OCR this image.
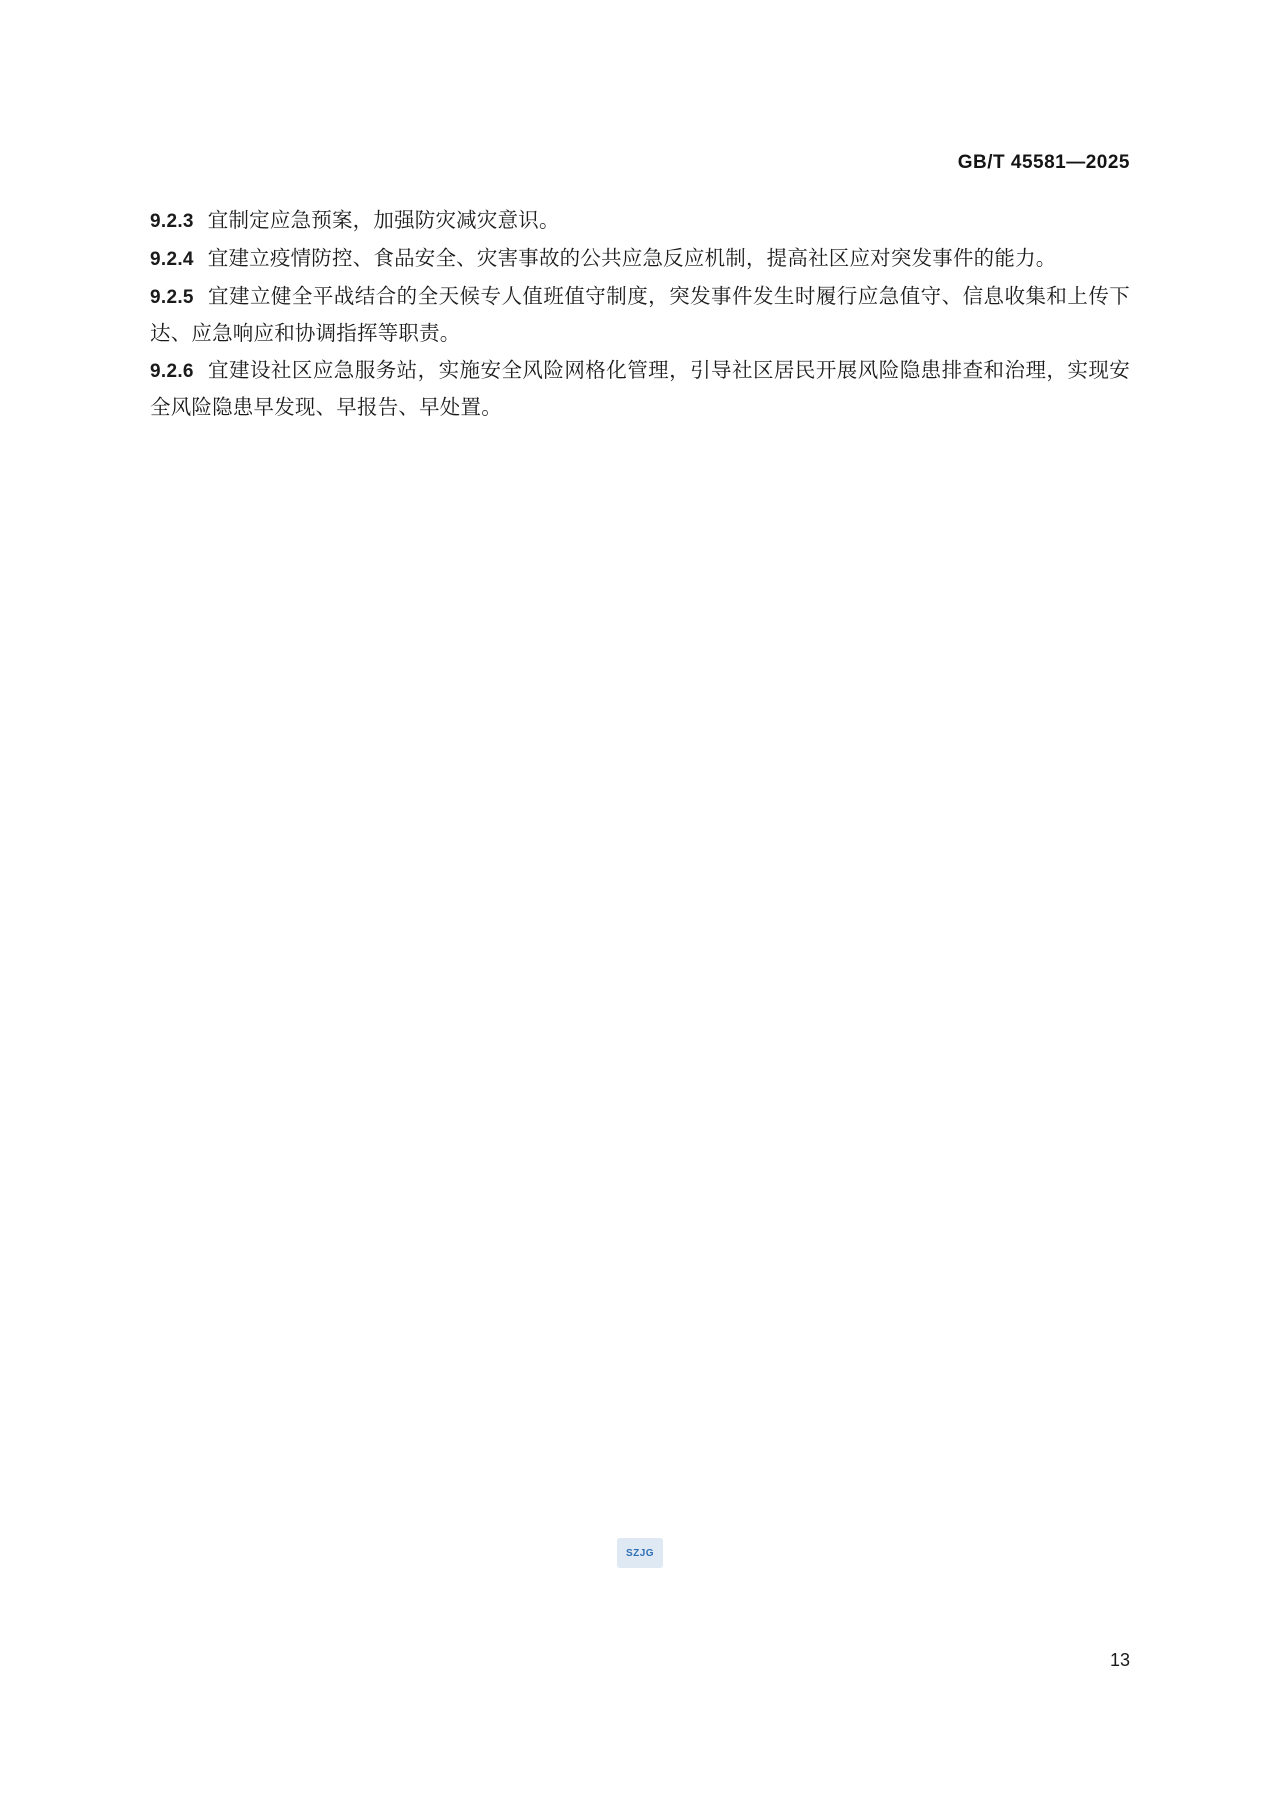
GB/T 45581—2025

9.2.3 宜制定应急预案，加强防灾减灾意识。

9.2.4 宜建立疫情防控、食品安全、灾害事故的公共应急反应机制，提高社区应对突发事件的能力。

9.2.5 宜建立健全平战结合的全天候专人值班值守制度，突发事件发生时履行应急值守、信息收集和上传下达、应急响应和协调指挥等职责。

9.2.6 宜建设社区应急服务站，实施安全风险网格化管理，引导社区居民开展风险隐患排查和治理，实现安全风险隐患早发现、早报告、早处置。

SZJG
13
